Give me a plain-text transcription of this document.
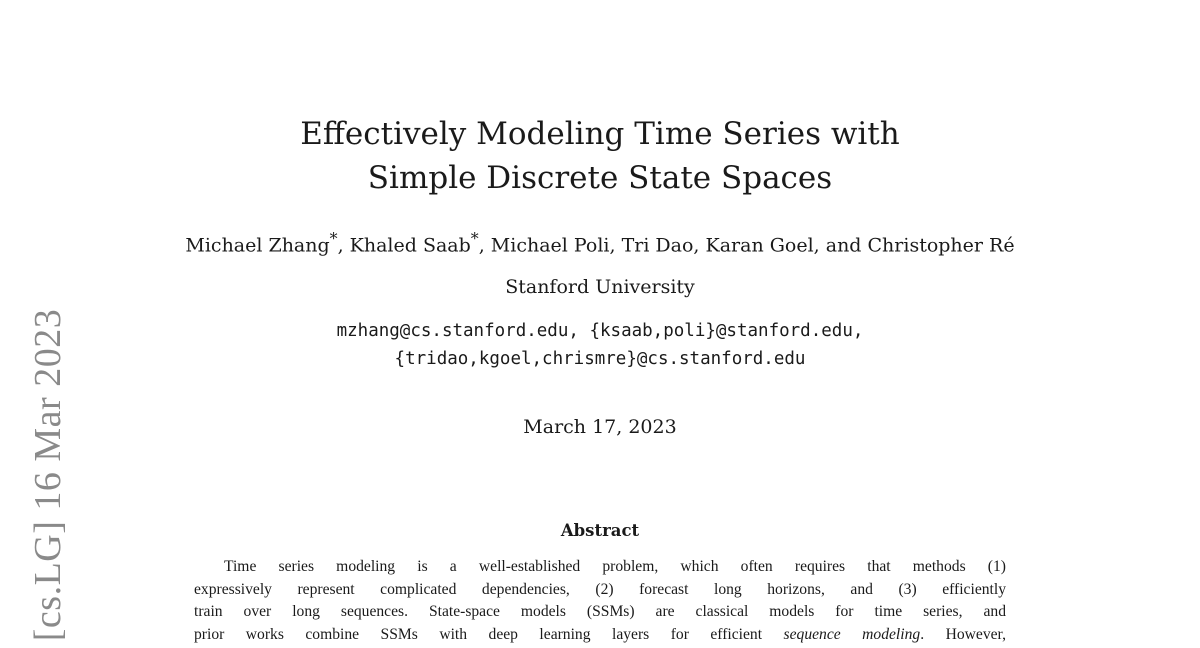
[cs.LG] 16 Mar 2023
Effectively Modeling Time Series with
Simple Discrete State Spaces
Michael Zhang*, Khaled Saab*, Michael Poli, Tri Dao, Karan Goel, and Christopher Ré
Stanford University
mzhang@cs.stanford.edu, {ksaab,poli}@stanford.edu,
{tridao,kgoel,chrismre}@cs.stanford.edu
March 17, 2023
Abstract
Time series modeling is a well-established problem, which often requires that methods (1)
expressively represent complicated dependencies, (2) forecast long horizons, and (3) efficiently
train over long sequences. State-space models (SSMs) are classical models for time series, and
prior works combine SSMs with deep learning layers for efficient sequence modeling. However,
